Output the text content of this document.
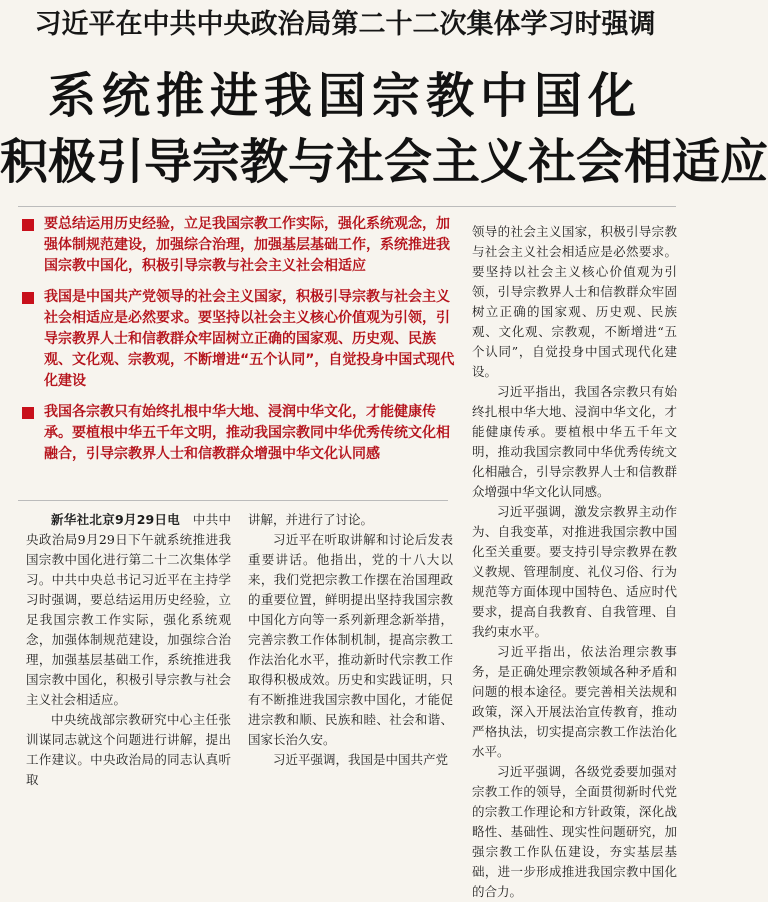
习近平在中共中央政治局第二十二次集体学习时强调
系统推进我国宗教中国化
积极引导宗教与社会主义社会相适应
要总结运用历史经验，立足我国宗教工作实际，强化系统观念，加强体制规范建设，加强综合治理，加强基层基础工作，系统推进我国宗教中国化，积极引导宗教与社会主义社会相适应
我国是中国共产党领导的社会主义国家，积极引导宗教与社会主义社会相适应是必然要求。要坚持以社会主义核心价值观为引领，引导宗教界人士和信教群众牢固树立正确的国家观、历史观、民族观、文化观、宗教观，不断增进“五个认同”，自觉投身中国式现代化建设
我国各宗教只有始终扎根中华大地、浸润中华文化，才能健康传承。要植根中华五千年文明，推动我国宗教同中华优秀传统文化相融合，引导宗教界人士和信教群众增强中华文化认同感

新华社北京9月29日电  中共中央政治局9月29日下午就系统推进我国宗教中国化进行第二十二次集体学习。中共中央总书记习近平在主持学习时强调，要总结运用历史经验，立足我国宗教工作实际，强化系统观念，加强体制规范建设，加强综合治理，加强基层基础工作，系统推进我国宗教中国化，积极引导宗教与社会主义社会相适应。

中央统战部宗教研究中心主任张训谋同志就这个问题进行讲解，提出工作建议。中央政治局的同志认真听取

讲解，并进行了讨论。

习近平在听取讲解和讨论后发表重要讲话。他指出，党的十八大以来，我们党把宗教工作摆在治国理政的重要位置，鲜明提出坚持我国宗教中国化方向等一系列新理念新举措，完善宗教工作体制机制，提高宗教工作法治化水平，推动新时代宗教工作取得积极成效。历史和实践证明，只有不断推进我国宗教中国化，才能促进宗教和顺、民族和睦、社会和谐、国家长治久安。

习近平强调，我国是中国共产党

领导的社会主义国家，积极引导宗教与社会主义社会相适应是必然要求。要坚持以社会主义核心价值观为引领，引导宗教界人士和信教群众牢固树立正确的国家观、历史观、民族观、文化观、宗教观，不断增进“五个认同”，自觉投身中国式现代化建设。

习近平指出，我国各宗教只有始终扎根中华大地、浸润中华文化，才能健康传承。要植根中华五千年文明，推动我国宗教同中华优秀传统文化相融合，引导宗教界人士和信教群众增强中华文化认同感。

习近平强调，激发宗教界主动作为、自我变革，对推进我国宗教中国化至关重要。要支持引导宗教界在教义教规、管理制度、礼仪习俗、行为规范等方面体现中国特色、适应时代要求，提高自我教育、自我管理、自我约束水平。

习近平指出，依法治理宗教事务，是正确处理宗教领域各种矛盾和问题的根本途径。要完善相关法规和政策，深入开展法治宣传教育，推动严格执法，切实提高宗教工作法治化水平。

习近平强调，各级党委要加强对宗教工作的领导，全面贯彻新时代党的宗教工作理论和方针政策，深化战略性、基础性、现实性问题研究，加强宗教工作队伍建设，夯实基层基础，进一步形成推进我国宗教中国化的合力。
